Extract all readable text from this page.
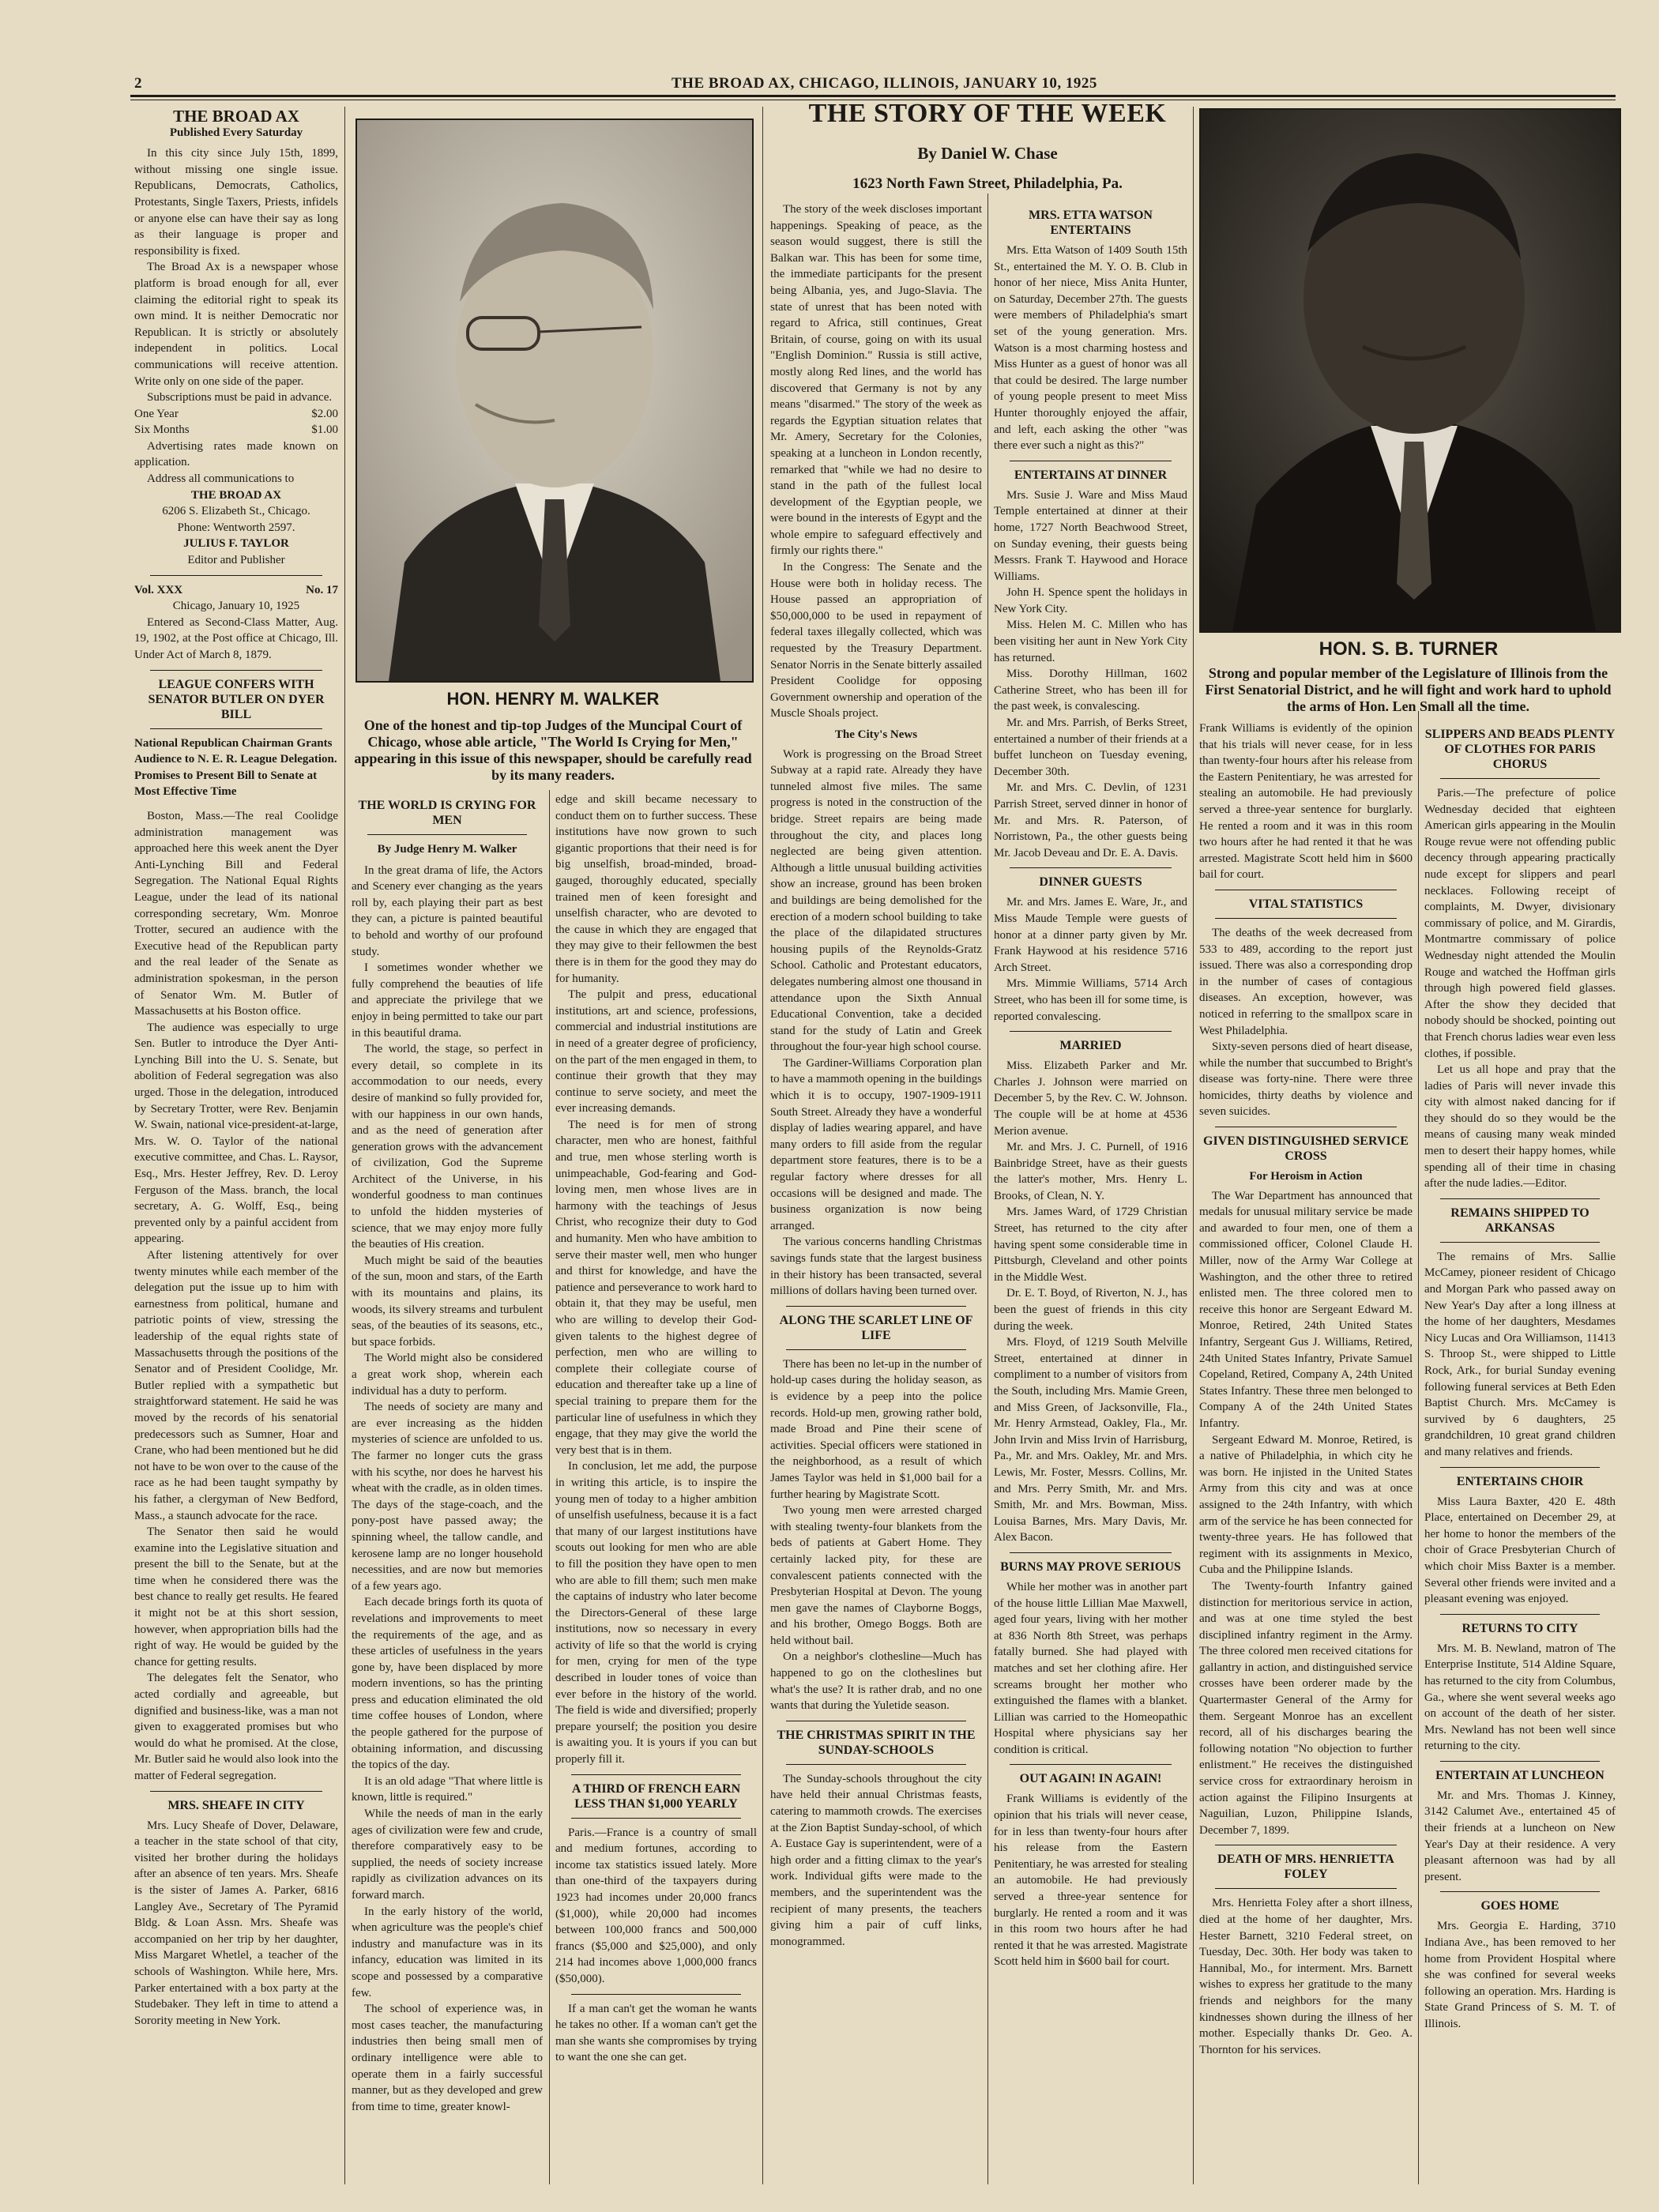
2	THE BROAD AX, CHICAGO, ILLINOIS, JANUARY 10, 1925
THE BROAD AX
Published Every Saturday

In this city since July 15th, 1899, without missing one single issue. Republicans, Democrats, Catholics, Protestants, Single Taxers, Priests, infidels or anyone else can have their say as long as their language is proper and responsibility is fixed.

The Broad Ax is a newspaper whose platform is broad enough for all, ever claiming the editorial right to speak its own mind. It is neither Democratic nor Republican. It is strictly or absolutely independent in politics. Local communications will receive attention. Write only on one side of the paper.

Subscriptions must be paid in advance.

One Year	$2.00
Six Months	$1.00

Advertising rates made known on application.

Address all communications to

THE BROAD AX
6206 S. Elizabeth St., Chicago.
Phone: Wentworth 2597.
JULIUS F. TAYLOR
Editor and Publisher
Vol. XXX	No. 17
Chicago, January 10, 1925

Entered as Second-Class Matter, Aug. 19, 1902, at the Post office at Chicago, Ill. Under Act of March 8, 1879.

LEAGUE CONFERS WITH SENATOR BUTLER ON DYER BILL
National Republican Chairman Grants Audience to N. E. R. League Delegation. Promises to Present Bill to Senate at Most Effective Time

Boston, Mass.—The real Coolidge administration management was approached here this week anent the Dyer Anti-Lynching Bill and Federal Segregation. The National Equal Rights League, under the lead of its national corresponding secretary, Wm. Monroe Trotter, secured an audience with the Executive head of the Republican party and the real leader of the Senate as administration spokesman, in the person of Senator Wm. M. Butler of Massachusetts at his Boston office.

The audience was especially to urge Sen. Butler to introduce the Dyer Anti-Lynching Bill into the U. S. Senate, but abolition of Federal segregation was also urged. Those in the delegation, introduced by Secretary Trotter, were Rev. Benjamin W. Swain, national vice-president-at-large, Mrs. W. O. Taylor of the national executive committee, and Chas. L. Raysor, Esq., Mrs. Hester Jeffrey, Rev. D. Leroy Ferguson of the Mass. branch, the local secretary, A. G. Wolff, Esq., being prevented only by a painful accident from appearing.

After listening attentively for over twenty minutes while each member of the delegation put the issue up to him with earnestness from political, humane and patriotic points of view, stressing the leadership of the equal rights state of Massachusetts through the positions of the Senator and of President Coolidge, Mr. Butler replied with a sympathetic but straightforward statement. He said he was moved by the records of his senatorial predecessors such as Sumner, Hoar and Crane, who had been mentioned but he did not have to be won over to the cause of the race as he had been taught sympathy by his father, a clergyman of New Bedford, Mass., a staunch advocate for the race.

The Senator then said he would examine into the Legislative situation and present the bill to the Senate, but at the time when he considered there was the best chance to really get results. He feared it might not be at this short session, however, when appropriation bills had the right of way. He would be guided by the chance for getting results.

The delegates felt the Senator, who acted cordially and agreeable, but dignified and business-like, was a man not given to exaggerated promises but who would do what he promised. At the close, Mr. Butler said he would also look into the matter of Federal segregation.

MRS. SHEAFE IN CITY

Mrs. Lucy Sheafe of Dover, Delaware, a teacher in the state school of that city, visited her brother during the holidays after an absence of ten years. Mrs. Sheafe is the sister of James A. Parker, 6816 Langley Ave., Secretary of The Pyramid Bldg. & Loan Assn. Mrs. Sheafe was accompanied on her trip by her daughter, Miss Margaret Whetlel, a teacher of the schools of Washington. While here, Mrs. Parker entertained with a box party at the Studebaker. They left in time to attend a Sorority meeting in New York.

HON. HENRY M. WALKER
One of the honest and tip-top Judges of the Muncipal Court of Chicago, whose able article, "The World Is Crying for Men," appearing in this issue of this newspaper, should be carefully read by its many readers.
THE WORLD IS CRYING FOR MEN
By Judge Henry M. Walker

In the great drama of life, the Actors and Scenery ever changing as the years roll by, each playing their part as best they can, a picture is painted beautiful to behold and worthy of our profound study.

I sometimes wonder whether we fully comprehend the beauties of life and appreciate the privilege that we enjoy in being permitted to take our part in this beautiful drama.

The world, the stage, so perfect in every detail, so complete in its accommodation to our needs, every desire of mankind so fully provided for, with our happiness in our own hands, and as the need of generation after generation grows with the advancement of civilization, God the Supreme Architect of the Universe, in his wonderful goodness to man continues to unfold the hidden mysteries of science, that we may enjoy more fully the beauties of His creation.

Much might be said of the beauties of the sun, moon and stars, of the Earth with its mountains and plains, its woods, its silvery streams and turbulent seas, of the beauties of its seasons, etc., but space forbids.

The World might also be considered a great work shop, wherein each individual has a duty to perform.

The needs of society are many and are ever increasing as the hidden mysteries of science are unfolded to us. The farmer no longer cuts the grass with his scythe, nor does he harvest his wheat with the cradle, as in olden times. The days of the stage-coach, and the pony-post have passed away; the spinning wheel, the tallow candle, and kerosene lamp are no longer household necessities, and are now but memories of a few years ago.

Each decade brings forth its quota of revelations and improvements to meet the requirements of the age, and as these articles of usefulness in the years gone by, have been displaced by more modern inventions, so has the printing press and education eliminated the old time coffee houses of London, where the people gathered for the purpose of obtaining information, and discussing the topics of the day.

It is an old adage "That where little is known, little is required."

While the needs of man in the early ages of civilization were few and crude, therefore comparatively easy to be supplied, the needs of society increase rapidly as civilization advances on its forward march.

In the early history of the world, when agriculture was the people's chief industry and manufacture was in its infancy, education was limited in its scope and possessed by a comparative few.

The school of experience was, in most cases teacher, the manufacturing industries then being small men of ordinary intelligence were able to operate them in a fairly successful manner, but as they developed and grew from time to time, greater knowl-

edge and skill became necessary to conduct them on to further success. These institutions have now grown to such gigantic proportions that their need is for big unselfish, broad-minded, broad-gauged, thoroughly educated, specially trained men of keen foresight and unselfish character, who are devoted to the cause in which they are engaged that they may give to their fellowmen the best there is in them for the good they may do for humanity.

The pulpit and press, educational institutions, art and science, professions, commercial and industrial institutions are in need of a greater degree of proficiency, on the part of the men engaged in them, to continue their growth that they may continue to serve society, and meet the ever increasing demands.

The need is for men of strong character, men who are honest, faithful and true, men whose sterling worth is unimpeachable, God-fearing and God-loving men, men whose lives are in harmony with the teachings of Jesus Christ, who recognize their duty to God and humanity. Men who have ambition to serve their master well, men who hunger and thirst for knowledge, and have the patience and perseverance to work hard to obtain it, that they may be useful, men who are willing to develop their God-given talents to the highest degree of perfection, men who are willing to complete their collegiate course of education and thereafter take up a line of special training to prepare them for the particular line of usefulness in which they engage, that they may give the world the very best that is in them.

In conclusion, let me add, the purpose in writing this article, is to inspire the young men of today to a higher ambition of unselfish usefulness, because it is a fact that many of our largest institutions have scouts out looking for men who are able to fill the position they have open to men who are able to fill them; such men make the captains of industry who later become the Directors-General of these large institutions, now so necessary in every activity of life so that the world is crying for men, crying for men of the type described in louder tones of voice than ever before in the history of the world. The field is wide and diversified; properly prepare yourself; the position you desire is awaiting you. It is yours if you can but properly fill it.

A THIRD OF FRENCH EARN LESS THAN $1,000 YEARLY

Paris.—France is a country of small and medium fortunes, according to income tax statistics issued lately. More than one-third of the taxpayers during 1923 had incomes under 20,000 francs ($1,000), while 20,000 had incomes between 100,000 francs and 500,000 francs ($5,000 and $25,000), and only 214 had incomes above 1,000,000 francs ($50,000).

If a man can't get the woman he wants he takes no other. If a woman can't get the man she wants she compromises by trying to want the one she can get.

THE STORY OF THE WEEK
By Daniel W. Chase
1623 North Fawn Street, Philadelphia, Pa.

The story of the week discloses important happenings. Speaking of peace, as the season would suggest, there is still the Balkan war. This has been for some time, the immediate participants for the present being Albania, yes, and Jugo-Slavia. The state of unrest that has been noted with regard to Africa, still continues, Great Britain, of course, going on with its usual "English Dominion." Russia is still active, mostly along Red lines, and the world has discovered that Germany is not by any means "disarmed." The story of the week as regards the Egyptian situation relates that Mr. Amery, Secretary for the Colonies, speaking at a luncheon in London recently, remarked that "while we had no desire to stand in the path of the fullest local development of the Egyptian people, we were bound in the interests of Egypt and the whole empire to safeguard effectively and firmly our rights there."

In the Congress: The Senate and the House were both in holiday recess. The House passed an appropriation of $50,000,000 to be used in repayment of federal taxes illegally collected, which was requested by the Treasury Department. Senator Norris in the Senate bitterly assailed President Coolidge for opposing Government ownership and operation of the Muscle Shoals project.

The City's News

Work is progressing on the Broad Street Subway at a rapid rate. Already they have tunneled almost five miles. The same progress is noted in the construction of the bridge. Street repairs are being made throughout the city, and places long neglected are being given attention. Although a little unusual building activities show an increase, ground has been broken and buildings are being demolished for the erection of a modern school building to take the place of the dilapidated structures housing pupils of the Reynolds-Gratz School. Catholic and Protestant educators, delegates numbering almost one thousand in attendance upon the Sixth Annual Educational Convention, take a decided stand for the study of Latin and Greek throughout the four-year high school course.

The Gardiner-Williams Corporation plan to have a mammoth opening in the buildings which it is to occupy, 1907-1909-1911 South Street. Already they have a wonderful display of ladies wearing apparel, and have many orders to fill aside from the regular department store features, there is to be a regular factory where dresses for all occasions will be designed and made. The business organization is now being arranged.

The various concerns handling Christmas savings funds state that the largest business in their history has been transacted, several millions of dollars having been turned over.

ALONG THE SCARLET LINE OF LIFE

There has been no let-up in the number of hold-up cases during the holiday season, as is evidence by a peep into the police records. Hold-up men, growing rather bold, made Broad and Pine their scene of activities. Special officers were stationed in the neighborhood, as a result of which James Taylor was held in $1,000 bail for a further hearing by Magistrate Scott.

Two young men were arrested charged with stealing twenty-four blankets from the beds of patients at Gabert Home. They certainly lacked pity, for these are convalescent patients connected with the Presbyterian Hospital at Devon. The young men gave the names of Clayborne Boggs, and his brother, Omego Boggs. Both are held without bail.

On a neighbor's clothesline—Much has happened to go on the clotheslines but what's the use? It is rather drab, and no one wants that during the Yuletide season.

THE CHRISTMAS SPIRIT IN THE SUNDAY-SCHOOLS

The Sunday-schools throughout the city have held their annual Christmas feasts, catering to mammoth crowds. The exercises at the Zion Baptist Sunday-school, of which A. Eustace Gay is superintendent, were of a high order and a fitting climax to the year's work. Individual gifts were made to the members, and the superintendent was the recipient of many presents, the teachers giving him a pair of cuff links, monogrammed.

MRS. ETTA WATSON ENTERTAINS

Mrs. Etta Watson of 1409 South 15th St., entertained the M. Y. O. B. Club in honor of her niece, Miss Anita Hunter, on Saturday, December 27th. The guests were members of Philadelphia's smart set of the young generation. Mrs. Watson is a most charming hostess and Miss Hunter as a guest of honor was all that could be desired. The large number of young people present to meet Miss Hunter thoroughly enjoyed the affair, and left, each asking the other "was there ever such a night as this?"

ENTERTAINS AT DINNER

Mrs. Susie J. Ware and Miss Maud Temple entertained at dinner at their home, 1727 North Beachwood Street, on Sunday evening, their guests being Messrs. Frank T. Haywood and Horace Williams.

John H. Spence spent the holidays in New York City.

Miss. Helen M. C. Millen who has been visiting her aunt in New York City has returned.

Miss. Dorothy Hillman, 1602 Catherine Street, who has been ill for the past week, is convalescing.

Mr. and Mrs. Parrish, of Berks Street, entertained a number of their friends at a buffet luncheon on Tuesday evening, December 30th.

Mr. and Mrs. C. Devlin, of 1231 Parrish Street, served dinner in honor of Mr. and Mrs. R. Paterson, of Norristown, Pa., the other guests being Mr. Jacob Deveau and Dr. E. A. Davis.

DINNER GUESTS

Mr. and Mrs. James E. Ware, Jr., and Miss Maude Temple were guests of honor at a dinner party given by Mr. Frank Haywood at his residence 5716 Arch Street.

Mrs. Mimmie Williams, 5714 Arch Street, who has been ill for some time, is reported convalescing.

MARRIED

Miss. Elizabeth Parker and Mr. Charles J. Johnson were married on December 5, by the Rev. C. W. Johnson. The couple will be at home at 4536 Merion avenue.

Mr. and Mrs. J. C. Purnell, of 1916 Bainbridge Street, have as their guests the latter's mother, Mrs. Henry L. Brooks, of Clean, N. Y.

Mrs. James Ward, of 1729 Christian Street, has returned to the city after having spent some considerable time in Pittsburgh, Cleveland and other points in the Middle West.

Dr. E. T. Boyd, of Riverton, N. J., has been the guest of friends in this city during the week.

Mrs. Floyd, of 1219 South Melville Street, entertained at dinner in compliment to a number of visitors from the South, including Mrs. Mamie Green, and Miss Green, of Jacksonville, Fla., Mr. Henry Armstead, Oakley, Fla., Mr. John Irvin and Miss Irvin of Harrisburg, Pa., Mr. and Mrs. Oakley, Mr. and Mrs. Lewis, Mr. Foster, Messrs. Collins, Mr. and Mrs. Perry Smith, Mr. and Mrs. Smith, Mr. and Mrs. Bowman, Miss. Louisa Barnes, Mrs. Mary Davis, Mr. Alex Bacon.

BURNS MAY PROVE SERIOUS

While her mother was in another part of the house little Lillian Mae Maxwell, aged four years, living with her mother at 836 North 8th Street, was perhaps fatally burned. She had played with matches and set her clothing afire. Her screams brought her mother who extinguished the flames with a blanket. Lillian was carried to the Homeopathic Hospital where physicians say her condition is critical.

OUT AGAIN! IN AGAIN!

Frank Williams is evidently of the opinion that his trials will never cease, for in less than twenty-four hours after his release from the Eastern Penitentiary, he was arrested for stealing an automobile. He had previously served a three-year sentence for burglarly. He rented a room and it was in this room two hours after he had rented it that he was arrested. Magistrate Scott held him in $600 bail for court.

HON. S. B. TURNER
Strong and popular member of the Legislature of Illinois from the First Senatorial District, and he will fight and work hard to uphold the arms of Hon. Len Small all the time.

Frank Williams is evidently of the opinion that his trials will never cease, for in less than twenty-four hours after his release from the Eastern Penitentiary, he was arrested for stealing an automobile. He had previously served a three-year sentence for burglarly. He rented a room and it was in this room two hours after he had rented it that he was arrested. Magistrate Scott held him in $600 bail for court.

VITAL STATISTICS

The deaths of the week decreased from 533 to 489, according to the report just issued. There was also a corresponding drop in the number of cases of contagious diseases. An exception, however, was noticed in referring to the smallpox scare in West Philadelphia.

Sixty-seven persons died of heart disease, while the number that succumbed to Bright's disease was forty-nine. There were three homicides, thirty deaths by violence and seven suicides.

GIVEN DISTINGUISHED SERVICE CROSS
For Heroism in Action

The War Department has announced that medals for unusual military service be made and awarded to four men, one of them a commissioned officer, Colonel Claude H. Miller, now of the Army War College at Washington, and the other three to retired enlisted men. The three colored men to receive this honor are Sergeant Edward M. Monroe, Retired, 24th United States Infantry, Sergeant Gus J. Williams, Retired, 24th United States Infantry, Private Samuel Copeland, Retired, Company A, 24th United States Infantry. These three men belonged to Company A of the 24th United States Infantry.

Sergeant Edward M. Monroe, Retired, is a native of Philadelphia, in which city he was born. He injisted in the United States Army from this city and was at once assigned to the 24th Infantry, with which arm of the service he has been connected for twenty-three years. He has followed that regiment with its assignments in Mexico, Cuba and the Philippine Islands.

The Twenty-fourth Infantry gained distinction for meritorious service in action, and was at one time styled the best disciplined infantry regiment in the Army. The three colored men received citations for gallantry in action, and distinguished service crosses have been orderer made by the Quartermaster General of the Army for them. Sergeant Monroe has an excellent record, all of his discharges bearing the following notation "No objection to further enlistment." He receives the distinguished service cross for extraordinary heroism in action against the Filipino Insurgents at Naguilian, Luzon, Philippine Islands, December 7, 1899.

DEATH OF MRS. HENRIETTA FOLEY

Mrs. Henrietta Foley after a short illness, died at the home of her daughter, Mrs. Hester Barnett, 3210 Federal street, on Tuesday, Dec. 30th. Her body was taken to Hannibal, Mo., for interment. Mrs. Barnett wishes to express her gratitude to the many friends and neighbors for the many kindnesses shown during the illness of her mother. Especially thanks Dr. Geo. A. Thornton for his services.

SLIPPERS AND BEADS PLENTY OF CLOTHES FOR PARIS CHORUS

Paris.—The prefecture of police Wednesday decided that eighteen American girls appearing in the Moulin Rouge revue were not offending public decency through appearing practically nude except for slippers and pearl necklaces. Following receipt of complaints, M. Dwyer, divisionary commissary of police, and M. Girardis, Montmartre commissary of police Wednesday night attended the Moulin Rouge and watched the Hoffman girls through high powered field glasses. After the show they decided that nobody should be shocked, pointing out that French chorus ladies wear even less clothes, if possible.

Let us all hope and pray that the ladies of Paris will never invade this city with almost naked dancing for if they should do so they would be the means of causing many weak minded men to desert their happy homes, while spending all of their time in chasing after the nude ladies.—Editor.

REMAINS SHIPPED TO ARKANSAS

The remains of Mrs. Sallie McCamey, pioneer resident of Chicago and Morgan Park who passed away on New Year's Day after a long illness at the home of her daughters, Mesdames Nicy Lucas and Ora Williamson, 11413 S. Throop St., were shipped to Little Rock, Ark., for burial Sunday evening following funeral services at Beth Eden Baptist Church. Mrs. McCamey is survived by 6 daughters, 25 grandchildren, 10 great grand children and many relatives and friends.

ENTERTAINS CHOIR

Miss Laura Baxter, 420 E. 48th Place, entertained on December 29, at her home to honor the members of the choir of Grace Presbyterian Church of which choir Miss Baxter is a member. Several other friends were invited and a pleasant evening was enjoyed.

RETURNS TO CITY

Mrs. M. B. Newland, matron of The Enterprise Institute, 514 Aldine Square, has returned to the city from Columbus, Ga., where she went several weeks ago on account of the death of her sister. Mrs. Newland has not been well since returning to the city.

ENTERTAIN AT LUNCHEON

Mr. and Mrs. Thomas J. Kinney, 3142 Calumet Ave., entertained 45 of their friends at a luncheon on New Year's Day at their residence. A very pleasant afternoon was had by all present.

GOES HOME

Mrs. Georgia E. Harding, 3710 Indiana Ave., has been removed to her home from Provident Hospital where she was confined for several weeks following an operation. Mrs. Harding is State Grand Princess of S. M. T. of Illinois.
